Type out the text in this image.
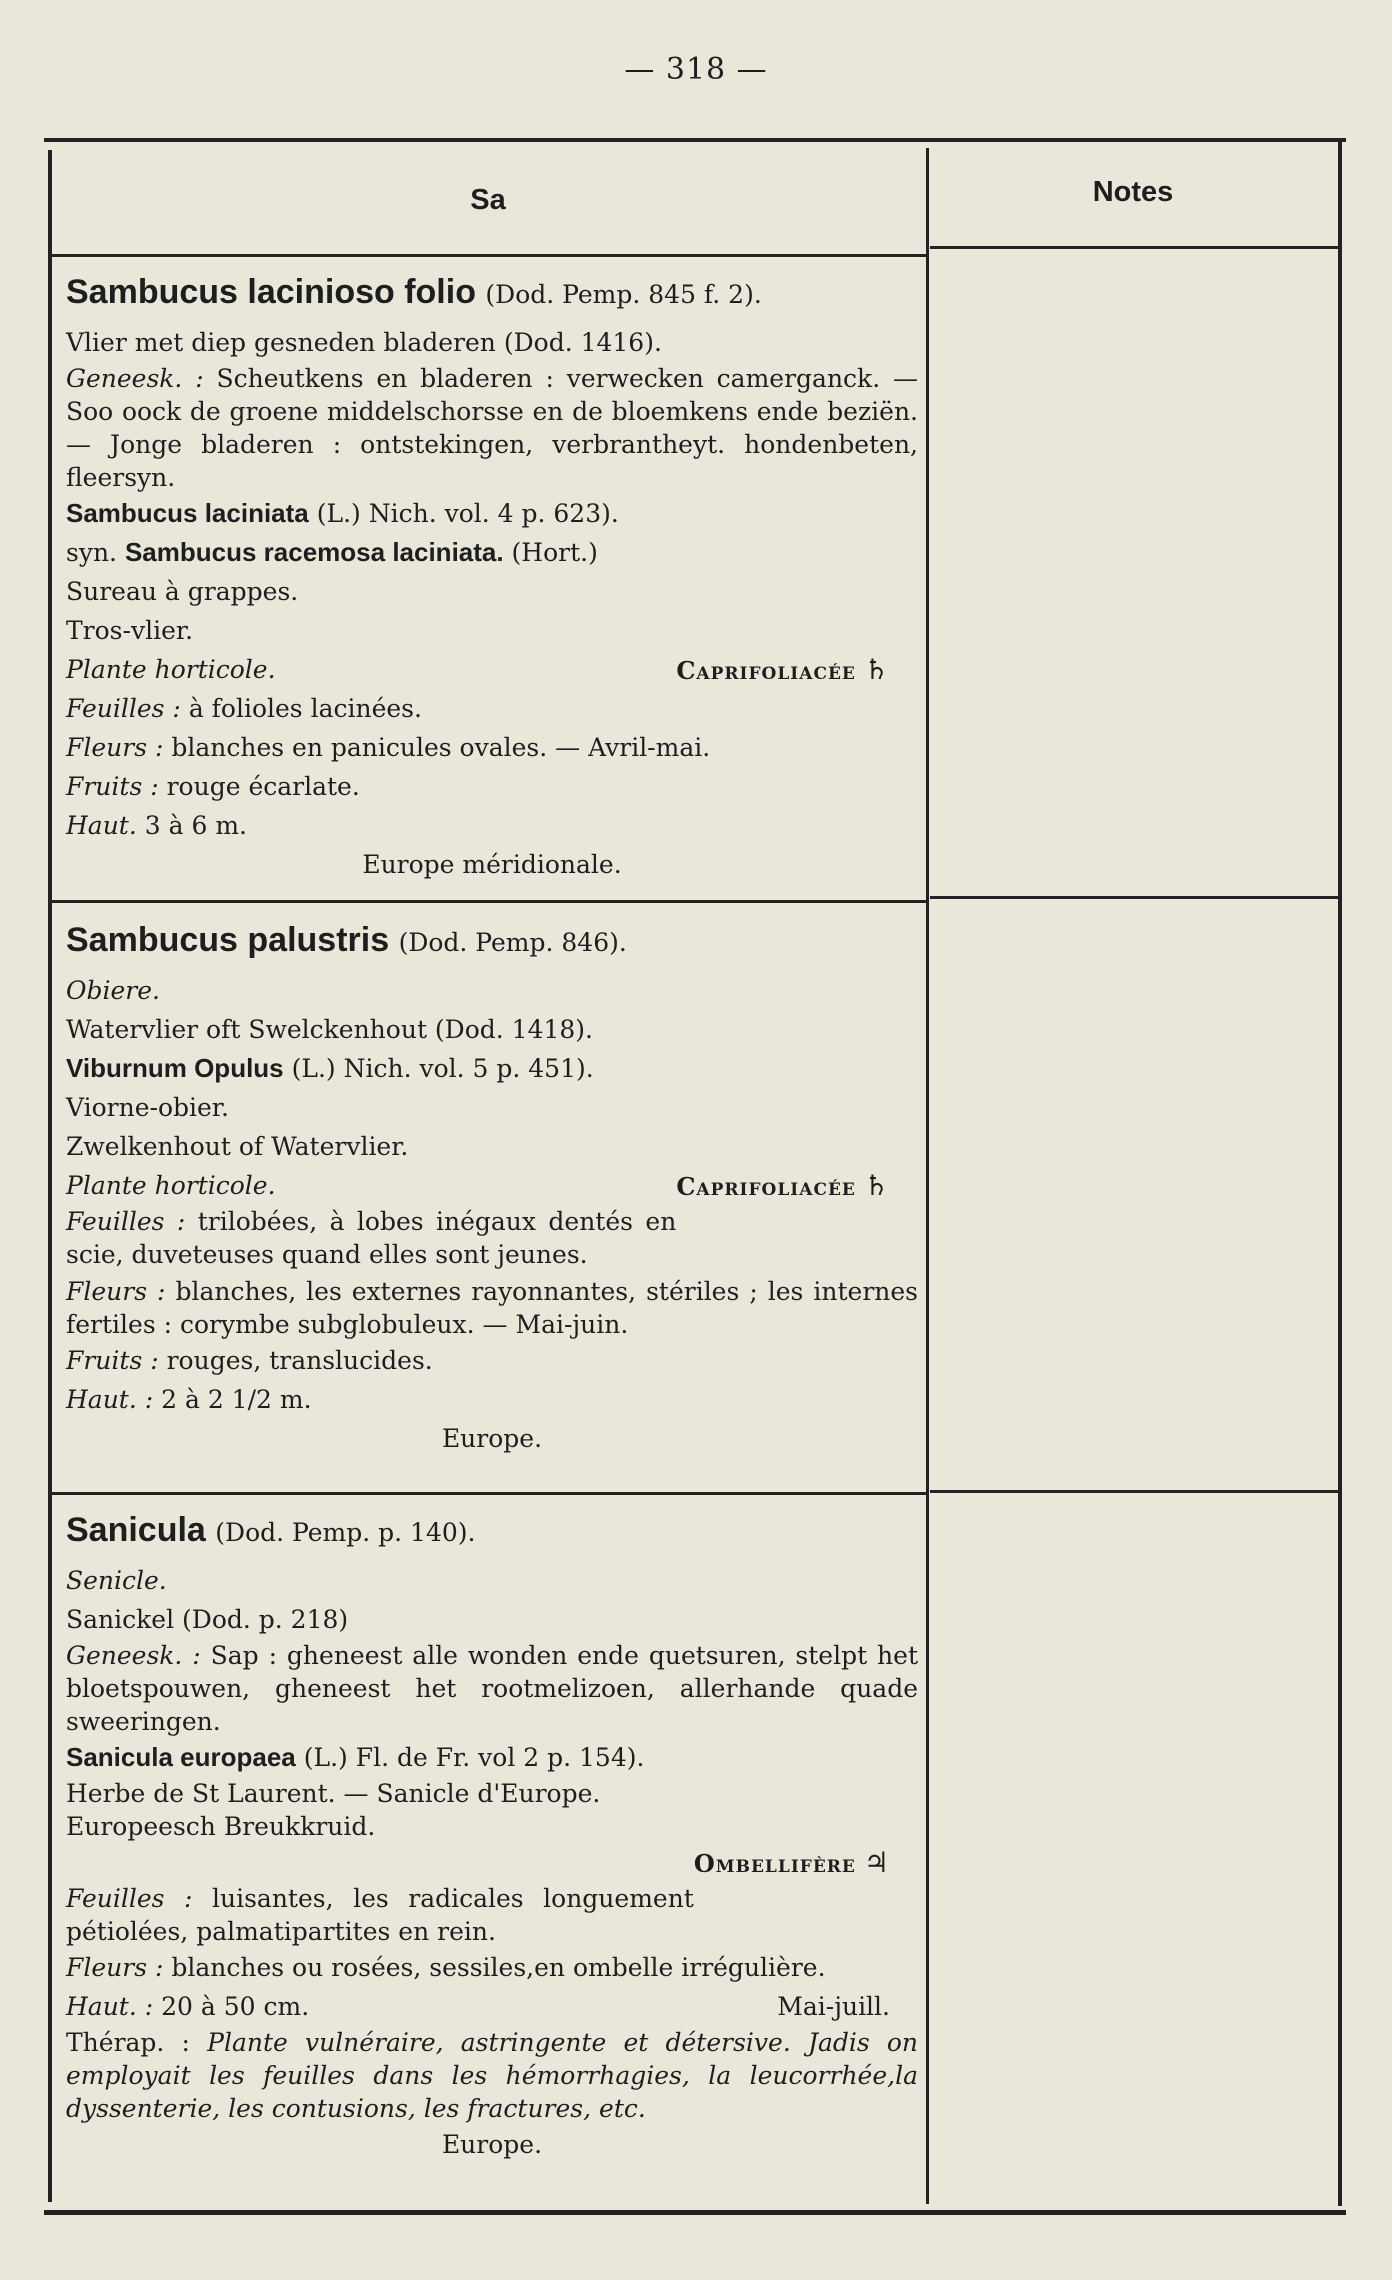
— 318 —
Sa	Notes
Sambucus lacinioso folio (Dod. Pemp. 845 f. 2).
Vlier met diep gesneden bladeren (Dod. 1416).
Geneesk. : Scheutkens en bladeren : verwecken camerganck. — Soo oock de groene middelschorsse en de bloemkens ende beziën. — Jonge bladeren : ontstekingen, verbrantheyt. hondenbeten, fleersyn.
Sambucus laciniata (L.) Nich. vol. 4 p. 623).
syn. Sambucus racemosa laciniata. (Hort.)
Sureau à grappes.
Tros-vlier.
Caprifoliacée ♄
Plante horticole.
Feuilles : à folioles lacinées.
Fleurs : blanches en panicules ovales. — Avril-mai.
Fruits : rouge écarlate.
Haut. 3 à 6 m.
Europe méridionale.
Sambucus palustris (Dod. Pemp. 846).
Obiere.
Watervlier oft Swelckenhout (Dod. 1418).
Viburnum Opulus (L.) Nich. vol. 5 p. 451).
Viorne-obier.
Zwelkenhout of Watervlier.
Caprifoliacée ♄
Plante horticole.
Feuilles : trilobées, à lobes inégaux dentés en scie, duveteuses quand elles sont jeunes.
Fleurs : blanches, les externes rayonnantes, stériles ; les internes fertiles : corymbe subglobuleux. — Mai-juin.
Fruits : rouges, translucides.
Haut. : 2 à 2 1/2 m.
Europe.
Sanicula (Dod. Pemp. p. 140).
Senicle.
Sanickel (Dod. p. 218)
Geneesk. : Sap : gheneest alle wonden ende quetsuren, stelpt het bloetspouwen, gheneest het rootmelizoen, allerhande quade sweeringen.
Sanicula europaea (L.) Fl. de Fr. vol 2 p. 154).
Herbe de St Laurent. — Sanicle d'Europe.
Europeesch Breukkruid.
Ombellifère ♃
Feuilles : luisantes, les radicales longuement pétiolées, palmatipartites en rein.
Fleurs : blanches ou rosées, sessiles,en ombelle irrégulière.
Mai-juill.
Haut. : 20 à 50 cm.
Thérap. : Plante vulnéraire, astringente et détersive. Jadis on employait les feuilles dans les hémorrhagies, la leucorrhée,la dyssenterie, les contusions, les fractures, etc.
Europe.
